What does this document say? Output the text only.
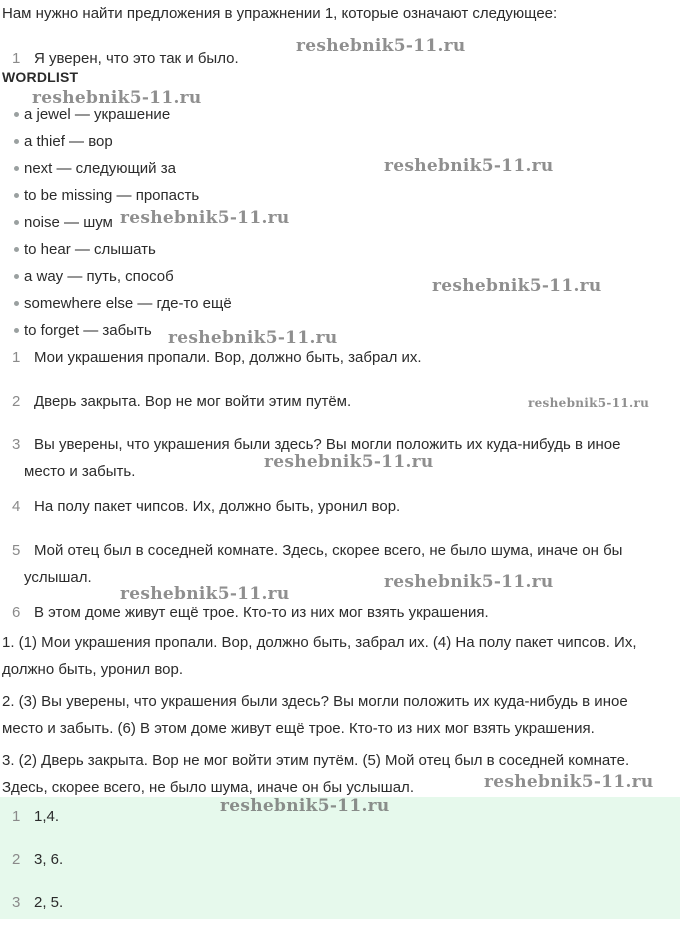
Нам нужно найти предложения в упражнении 1, которые означают следующее:
1 Я уверен, что это так и было.
WORDLIST
a jewel — украшение
a thief — вор
next — следующий за
to be missing — пропасть
noise — шум
to hear — слышать
a way — путь, способ
somewhere else — где-то ещё
to forget — забыть
1 Мои украшения пропали. Вор, должно быть, забрал их.
2 Дверь закрыта. Вор не мог войти этим путём.
3 Вы уверены, что украшения были здесь? Вы могли положить их куда-нибудь в иное
место и забыть.
4 На полу пакет чипсов. Их, должно быть, уронил вор.
5 Мой отец был в соседней комнате. Здесь, скорее всего, не было шума, иначе он бы
услышал.
6 В этом доме живут ещё трое. Кто-то из них мог взять украшения.
1. (1) Мои украшения пропали. Вор, должно быть, забрал их. (4) На полу пакет чипсов. Их,
должно быть, уронил вор.
2. (3) Вы уверены, что украшения были здесь? Вы могли положить их куда-нибудь в иное
место и забыть. (6) В этом доме живут ещё трое. Кто-то из них мог взять украшения.
3. (2) Дверь закрыта. Вор не мог войти этим путём. (5) Мой отец был в соседней комнате.
Здесь, скорее всего, не было шума, иначе он бы услышал.
1 1,4.
2 3, 6.
3 2, 5.
reshebnik5-11.ru
reshebnik5-11.ru
reshebnik5-11.ru
reshebnik5-11.ru
reshebnik5-11.ru
reshebnik5-11.ru
reshebnik5-11.ru
reshebnik5-11.ru
reshebnik5-11.ru
reshebnik5-11.ru
reshebnik5-11.ru
reshebnik5-11.ru
